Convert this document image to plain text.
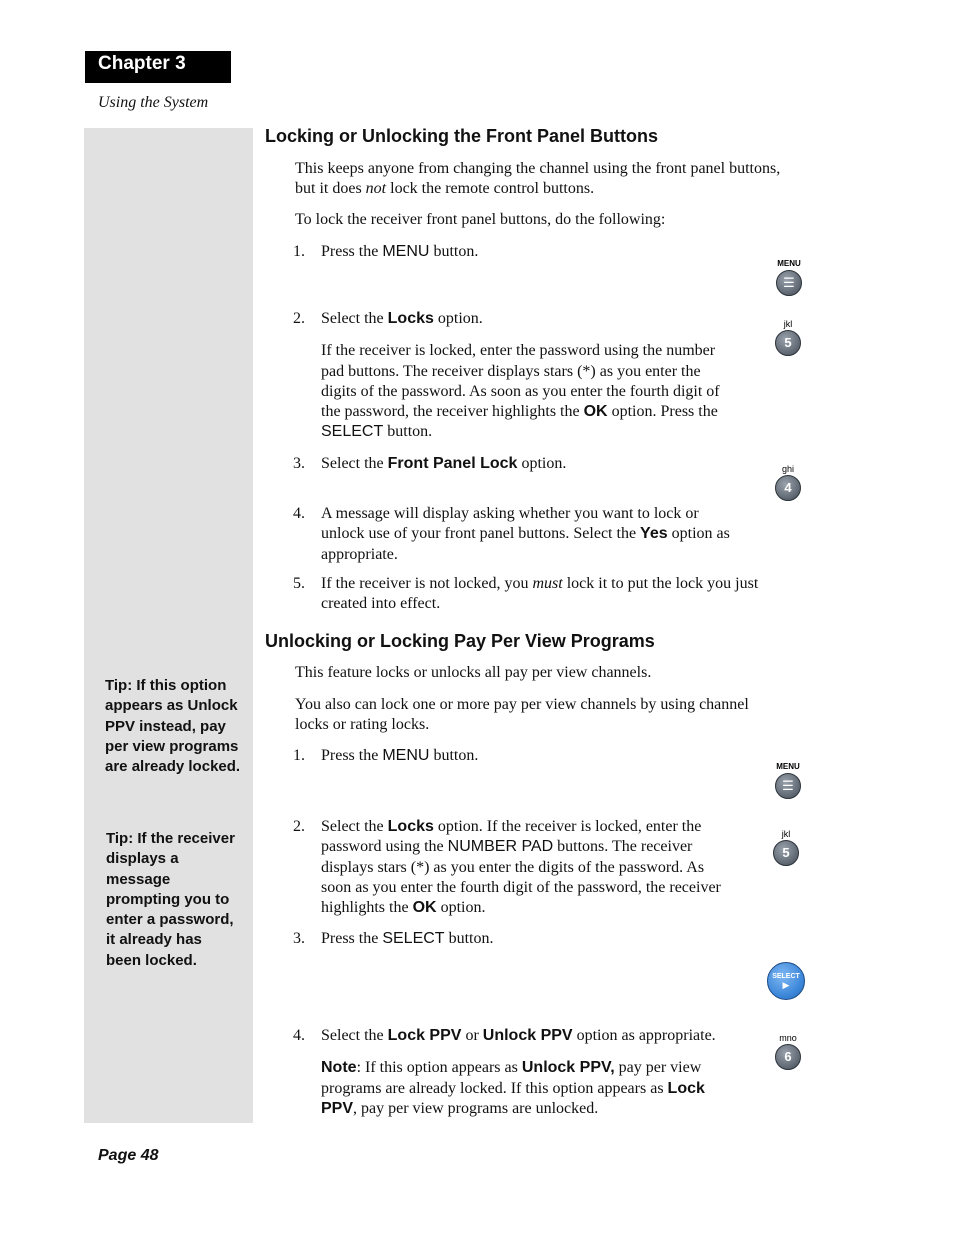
Chapter 3
Using the System
Tip: If this option
appears as Unlock
PPV instead, pay
per view programs
are already locked.
Tip: If the receiver
displays a
message
prompting you to
enter a password,
it already has
been locked.
Locking or Unlocking the Front Panel Buttons
This keeps anyone from changing the channel using the front panel buttons,
but it does not lock the remote control buttons.
To lock the receiver front panel buttons, do the following:
1. Press the MENU button.
2. Select the Locks option.
If the receiver is locked, enter the password using the number
pad buttons. The receiver displays stars (*) as you enter the
digits of the password. As soon as you enter the fourth digit of
the password, the receiver highlights the OK option. Press the
SELECT button.
3. Select the Front Panel Lock option.
4. A message will display asking whether you want to lock or
unlock use of your front panel buttons. Select the Yes option as
appropriate.
5. If the receiver is not locked, you must lock it to put the lock you just
created into effect.
Unlocking or Locking Pay Per View Programs
This feature locks or unlocks all pay per view channels.
You also can lock one or more pay per view channels by using channel
locks or rating locks.
1. Press the MENU button.
2. Select the Locks option. If the receiver is locked, enter the
password using the NUMBER PAD buttons. The receiver
displays stars (*) as you enter the digits of the password. As
soon as you enter the fourth digit of the password, the receiver
highlights the OK option.
3. Press the SELECT button.
4. Select the Lock PPV or Unlock PPV option as appropriate.
Note: If this option appears as Unlock PPV, pay per view
programs are already locked. If this option appears as Lock
PPV, pay per view programs are unlocked.
MENU
☰
jkl
5
ghi
4
MENU
☰
jkl
5
SELECT
▶
mno
6
Page 48
